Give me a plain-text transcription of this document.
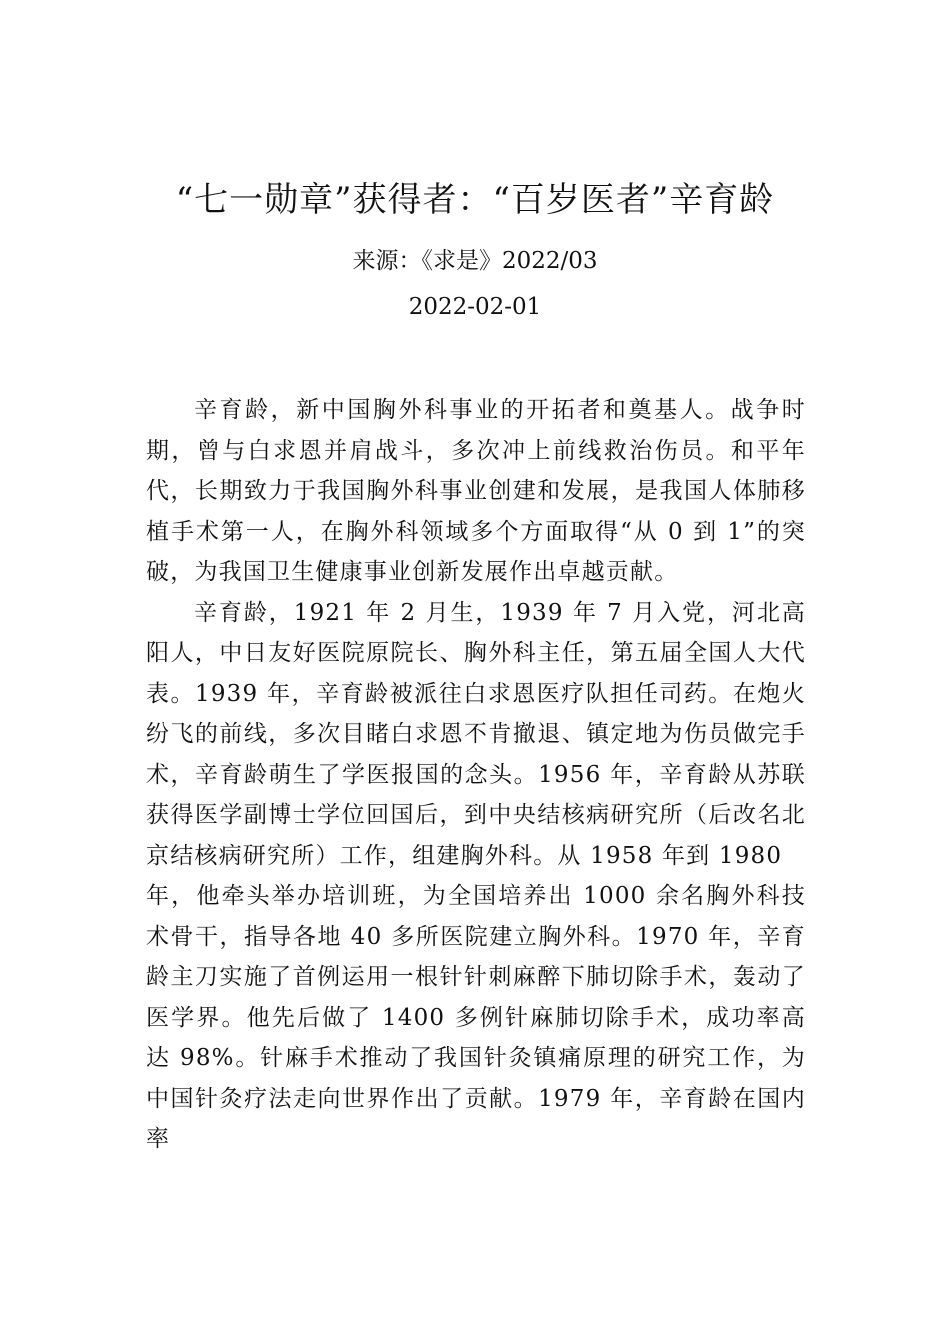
“七一勋章”获得者：“百岁医者”辛育龄
来源：《求是》2022/03
2022-02-01

辛育龄，新中国胸外科事业的开拓者和奠基人。战争时期，曾与白求恩并肩战斗，多次冲上前线救治伤员。和平年代，长期致力于我国胸外科事业创建和发展，是我国人体肺移植手术第一人，在胸外科领域多个方面取得“从 0 到 1”的突破，为我国卫生健康事业创新发展作出卓越贡献。

辛育龄，1921 年 2 月生，1939 年 7 月入党，河北高阳人，中日友好医院原院长、胸外科主任，第五届全国人大代表。1939 年，辛育龄被派往白求恩医疗队担任司药。在炮火纷飞的前线，多次目睹白求恩不肯撤退、镇定地为伤员做完手术，辛育龄萌生了学医报国的念头。1956 年，辛育龄从苏联获得医学副博士学位回国后，到中央结核病研究所（后改名北京结核病研究所）工作，组建胸外科。从 1958 年到 1980

年，他牵头举办培训班，为全国培养出 1000 余名胸外科技术骨干，指导各地 40 多所医院建立胸外科。1970 年，辛育龄主刀实施了首例运用一根针针刺麻醉下肺切除手术，轰动了医学界。他先后做了 1400 多例针麻肺切除手术，成功率高达 98%。针麻手术推动了我国针灸镇痛原理的研究工作，为中国针灸疗法走向世界作出了贡献。1979 年，辛育龄在国内率
